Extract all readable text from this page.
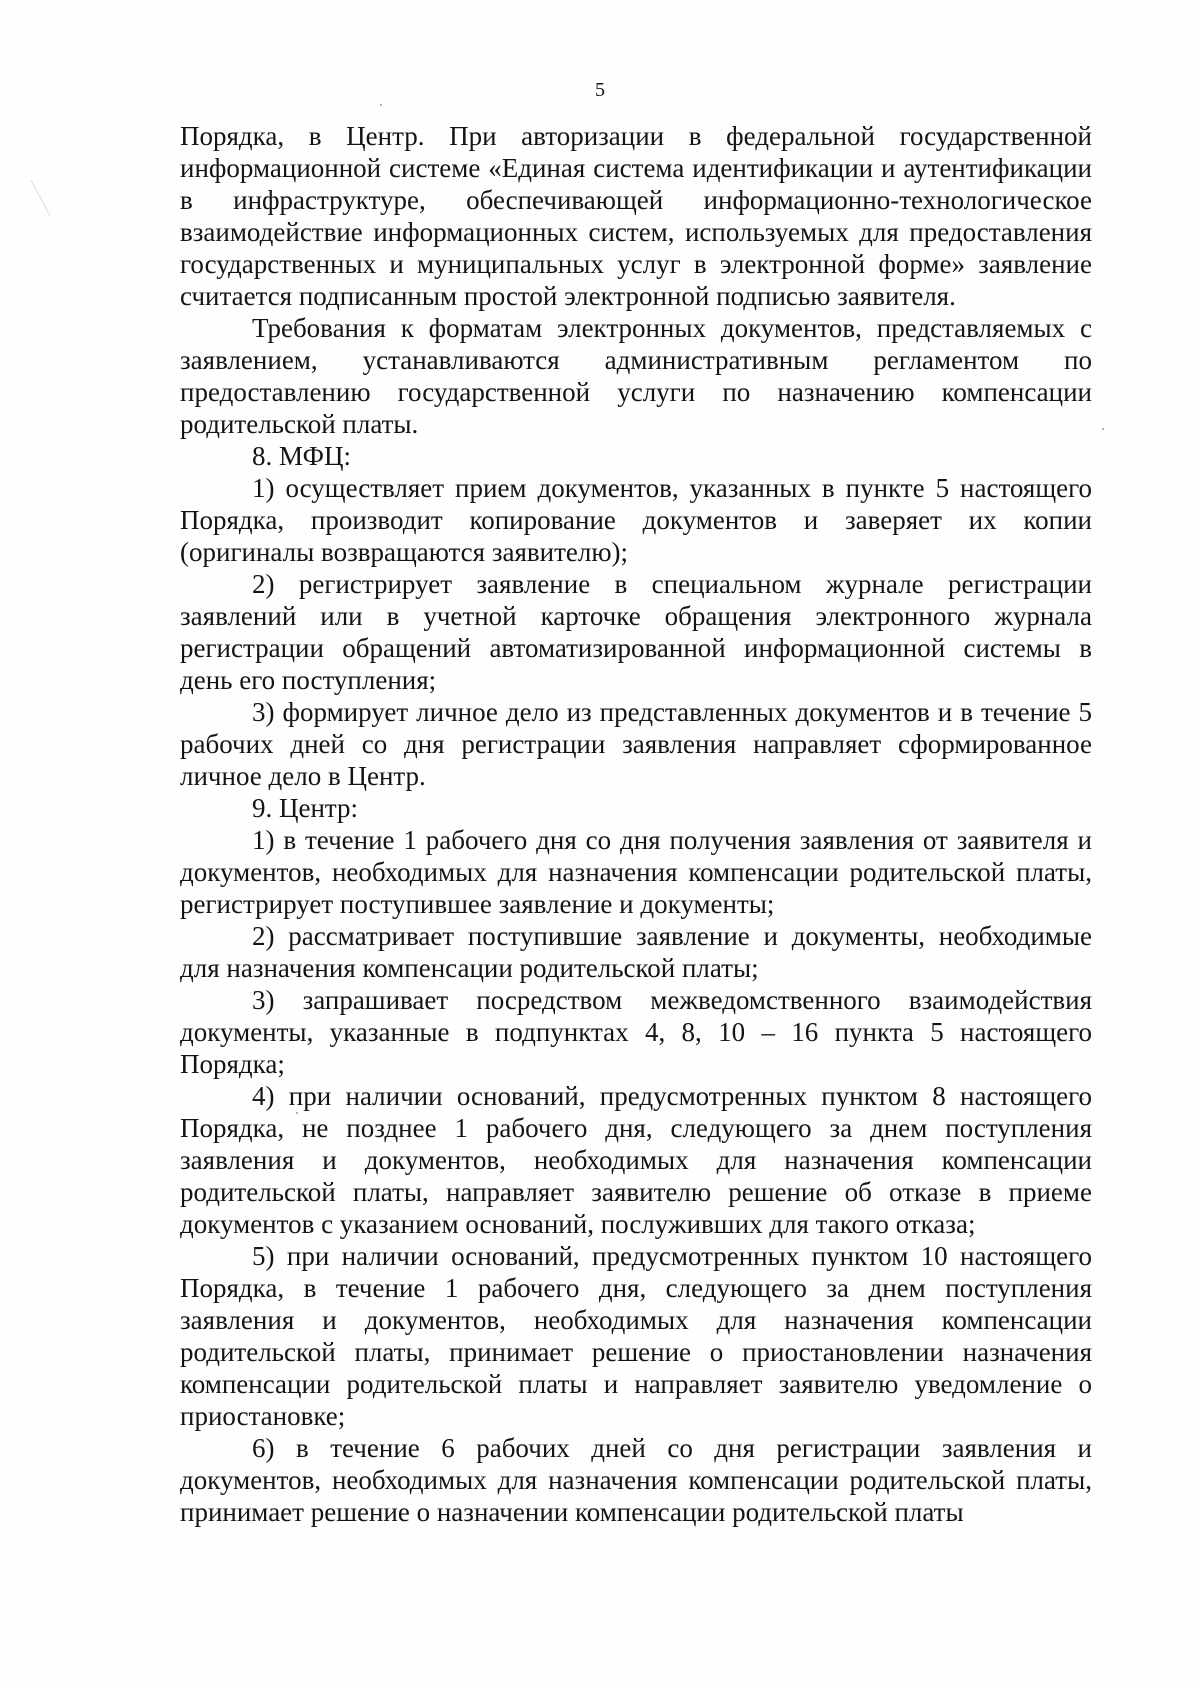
5

Порядка, в Центр. При авторизации в федеральной государственной информационной системе «Единая система идентификации и аутентификации в инфраструктуре, обеспечивающей информационно-технологическое взаимодействие информационных систем, используемых для предоставления государственных и муниципальных услуг в электронной форме» заявление считается подписанным простой электронной подписью заявителя.

Требования к форматам электронных документов, представляемых с заявлением, устанавливаются административным регламентом по предоставлению государственной услуги по назначению компенсации родительской платы.

8. МФЦ:

1) осуществляет прием документов, указанных в пункте 5 настоящего Порядка, производит копирование документов и заверяет их копии (оригиналы возвращаются заявителю);

2) регистрирует заявление в специальном журнале регистрации заявлений или в учетной карточке обращения электронного журнала регистрации обращений автоматизированной информационной системы в день его поступления;

3) формирует личное дело из представленных документов и в течение 5 рабочих дней со дня регистрации заявления направляет сформированное личное дело в Центр.

9. Центр:

1) в течение 1 рабочего дня со дня получения заявления от заявителя и документов, необходимых для назначения компенсации родительской платы, регистрирует поступившее заявление и документы;

2) рассматривает поступившие заявление и документы, необходимые для назначения компенсации родительской платы;

3) запрашивает посредством межведомственного взаимодействия документы, указанные в подпунктах 4, 8, 10 – 16 пункта 5 настоящего Порядка;

4) при наличии оснований, предусмотренных пунктом 8 настоящего Порядка, не позднее 1 рабочего дня, следующего за днем поступления заявления и документов, необходимых для назначения компенсации родительской платы, направляет заявителю решение об отказе в приеме документов с указанием оснований, послуживших для такого отказа;

5) при наличии оснований, предусмотренных пунктом 10 настоящего Порядка, в течение 1 рабочего дня, следующего за днем поступления заявления и документов, необходимых для назначения компенсации родительской платы, принимает решение о приостановлении назначения компенсации родительской платы и направляет заявителю уведомление о приостановке;

6) в течение 6 рабочих дней со дня регистрации заявления и документов, необходимых для назначения компенсации родительской платы, принимает решение о назначении компенсации родительской платы
